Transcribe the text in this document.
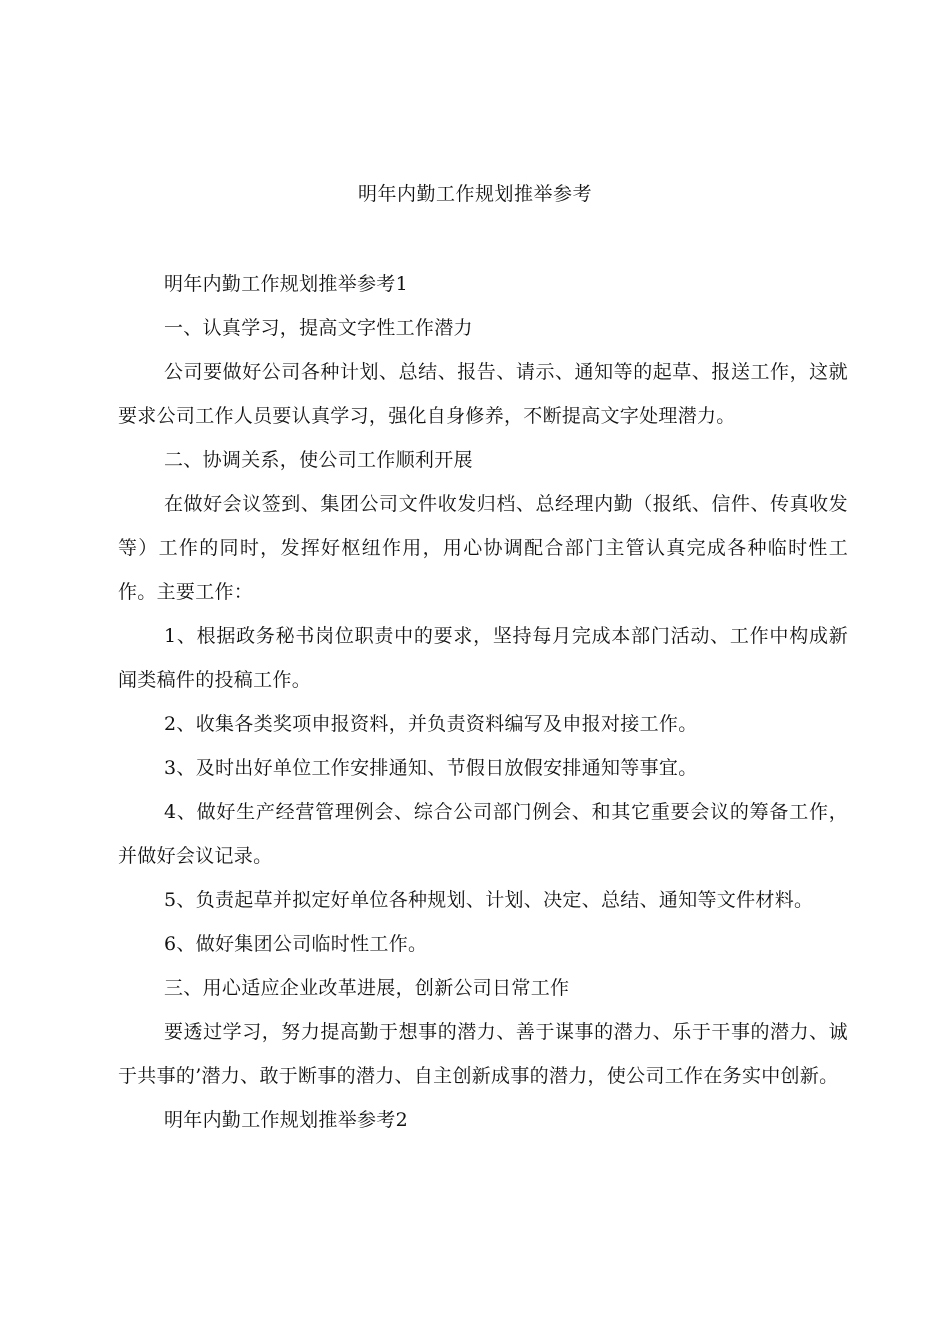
明年内勤工作规划推举参考

明年内勤工作规划推举参考1

一、认真学习，提高文字性工作潜力

公司要做好公司各种计划、总结、报告、请示、通知等的起草、报送工作，这就要求公司工作人员要认真学习，强化自身修养，不断提高文字处理潜力。

二、协调关系，使公司工作顺利开展

在做好会议签到、集团公司文件收发归档、总经理内勤（报纸、信件、传真收发等）工作的同时，发挥好枢纽作用，用心协调配合部门主管认真完成各种临时性工作。主要工作：

1、根据政务秘书岗位职责中的要求，坚持每月完成本部门活动、工作中构成新闻类稿件的投稿工作。

2、收集各类奖项申报资料，并负责资料编写及申报对接工作。

3、及时出好单位工作安排通知、节假日放假安排通知等事宜。

4、做好生产经营管理例会、综合公司部门例会、和其它重要会议的筹备工作，并做好会议记录。

5、负责起草并拟定好单位各种规划、计划、决定、总结、通知等文件材料。

6、做好集团公司临时性工作。

三、用心适应企业改革进展，创新公司日常工作

要透过学习，努力提高勤于想事的潜力、善于谋事的潜力、乐于干事的潜力、诚于共事的’潜力、敢于断事的潜力、自主创新成事的潜力，使公司工作在务实中创新。

明年内勤工作规划推举参考2
